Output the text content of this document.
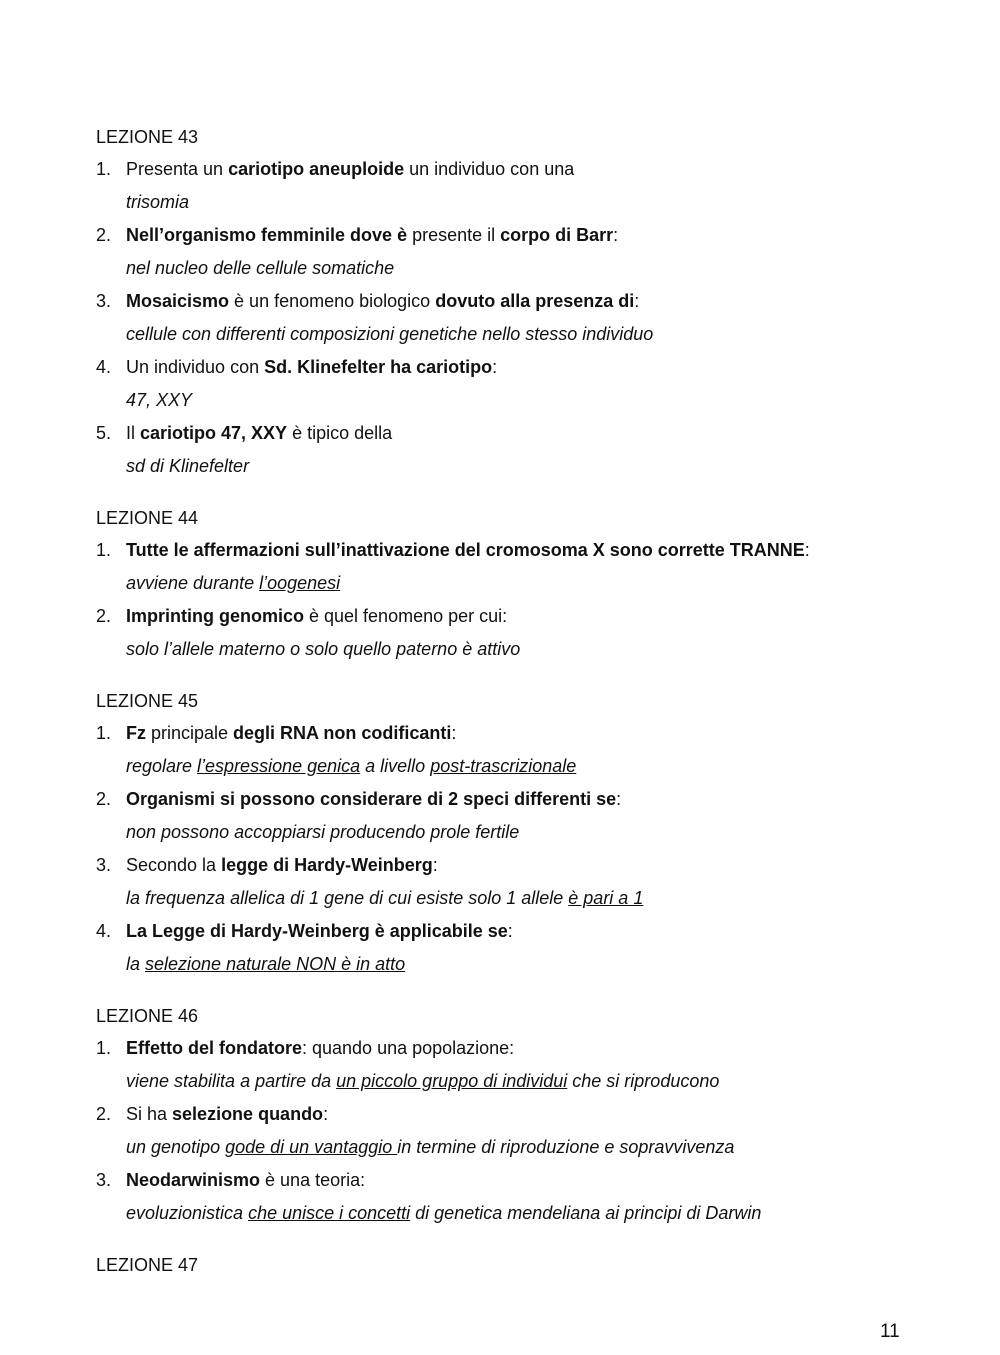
LEZIONE 43
1. Presenta un cariotipo aneuploide un individuo con una
trisomia
2. Nell’organismo femminile dove è presente il corpo di Barr:
nel nucleo delle cellule somatiche
3. Mosaicismo è un fenomeno biologico dovuto alla presenza di:
cellule con differenti composizioni genetiche nello stesso individuo
4. Un individuo con Sd. Klinefelter ha cariotipo:
47, XXY
5. Il cariotipo 47, XXY è tipico della
sd di Klinefelter
LEZIONE 44
1. Tutte le affermazioni sull’inattivazione del cromosoma X sono corrette TRANNE:
avviene durante l’oogenesi
2. Imprinting genomico è quel fenomeno per cui:
solo l’allele materno o solo quello paterno è attivo
LEZIONE 45
1. Fz principale degli RNA non codificanti:
regolare l’espressione genica a livello post-trascrizionale
2. Organismi si possono considerare di 2 speci differenti se:
non possono accoppiarsi producendo prole fertile
3. Secondo la legge di Hardy-Weinberg:
la frequenza allelica di 1 gene di cui esiste solo 1 allele è pari a 1
4. La Legge di Hardy-Weinberg è applicabile se:
la selezione naturale NON è in atto
LEZIONE 46
1. Effetto del fondatore: quando una popolazione:
viene stabilita a partire da un piccolo gruppo di individui che si riproducono
2. Si ha selezione quando:
un genotipo gode di un vantaggio in termine di riproduzione e sopravvivenza
3. Neodarwinismo è una teoria:
evoluzionistica che unisce i concetti di genetica mendeliana ai principi di Darwin
LEZIONE 47
11
